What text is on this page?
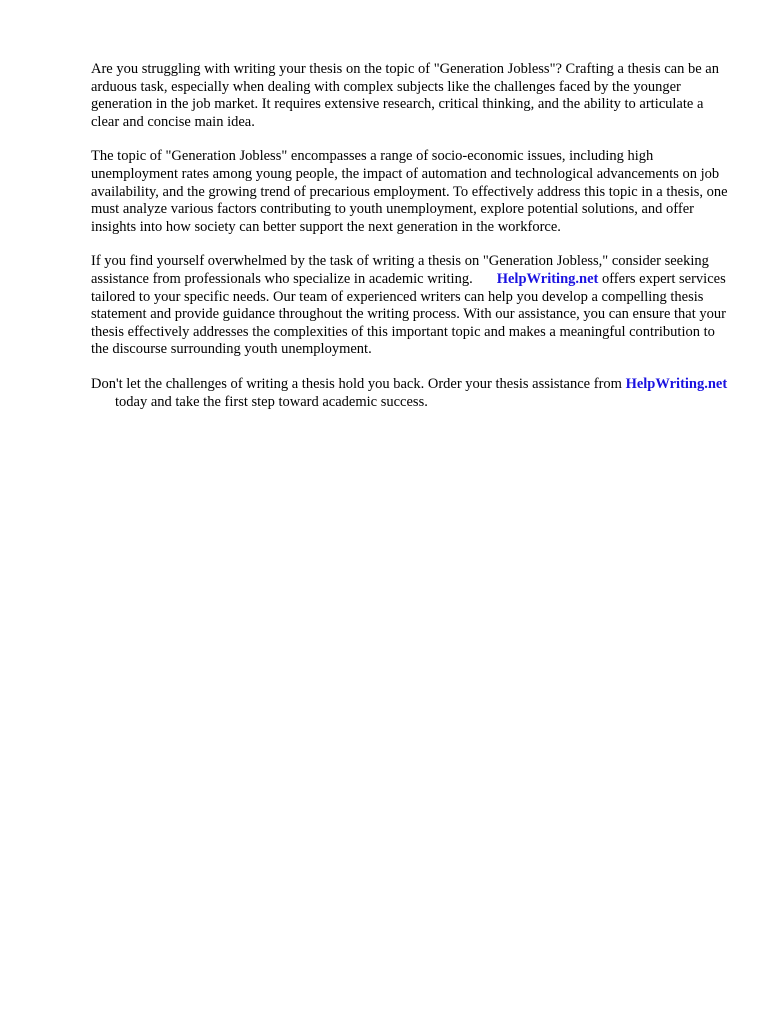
Are you struggling with writing your thesis on the topic of "Generation Jobless"? Crafting a thesis can be an arduous task, especially when dealing with complex subjects like the challenges faced by the younger generation in the job market. It requires extensive research, critical thinking, and the ability to articulate a clear and concise main idea.

The topic of "Generation Jobless" encompasses a range of socio-economic issues, including high unemployment rates among young people, the impact of automation and technological advancements on job availability, and the growing trend of precarious employment. To effectively address this topic in a thesis, one must analyze various factors contributing to youth unemployment, explore potential solutions, and offer insights into how society can better support the next generation in the workforce.

If you find yourself overwhelmed by the task of writing a thesis on "Generation Jobless," consider seeking assistance from professionals who specialize in academic writing. HelpWriting.net offers expert services tailored to your specific needs. Our team of experienced writers can help you develop a compelling thesis statement and provide guidance throughout the writing process. With our assistance, you can ensure that your thesis effectively addresses the complexities of this important topic and makes a meaningful contribution to the discourse surrounding youth unemployment.

Don't let the challenges of writing a thesis hold you back. Order your thesis assistance from HelpWriting.nettoday and take the first step toward academic success.
